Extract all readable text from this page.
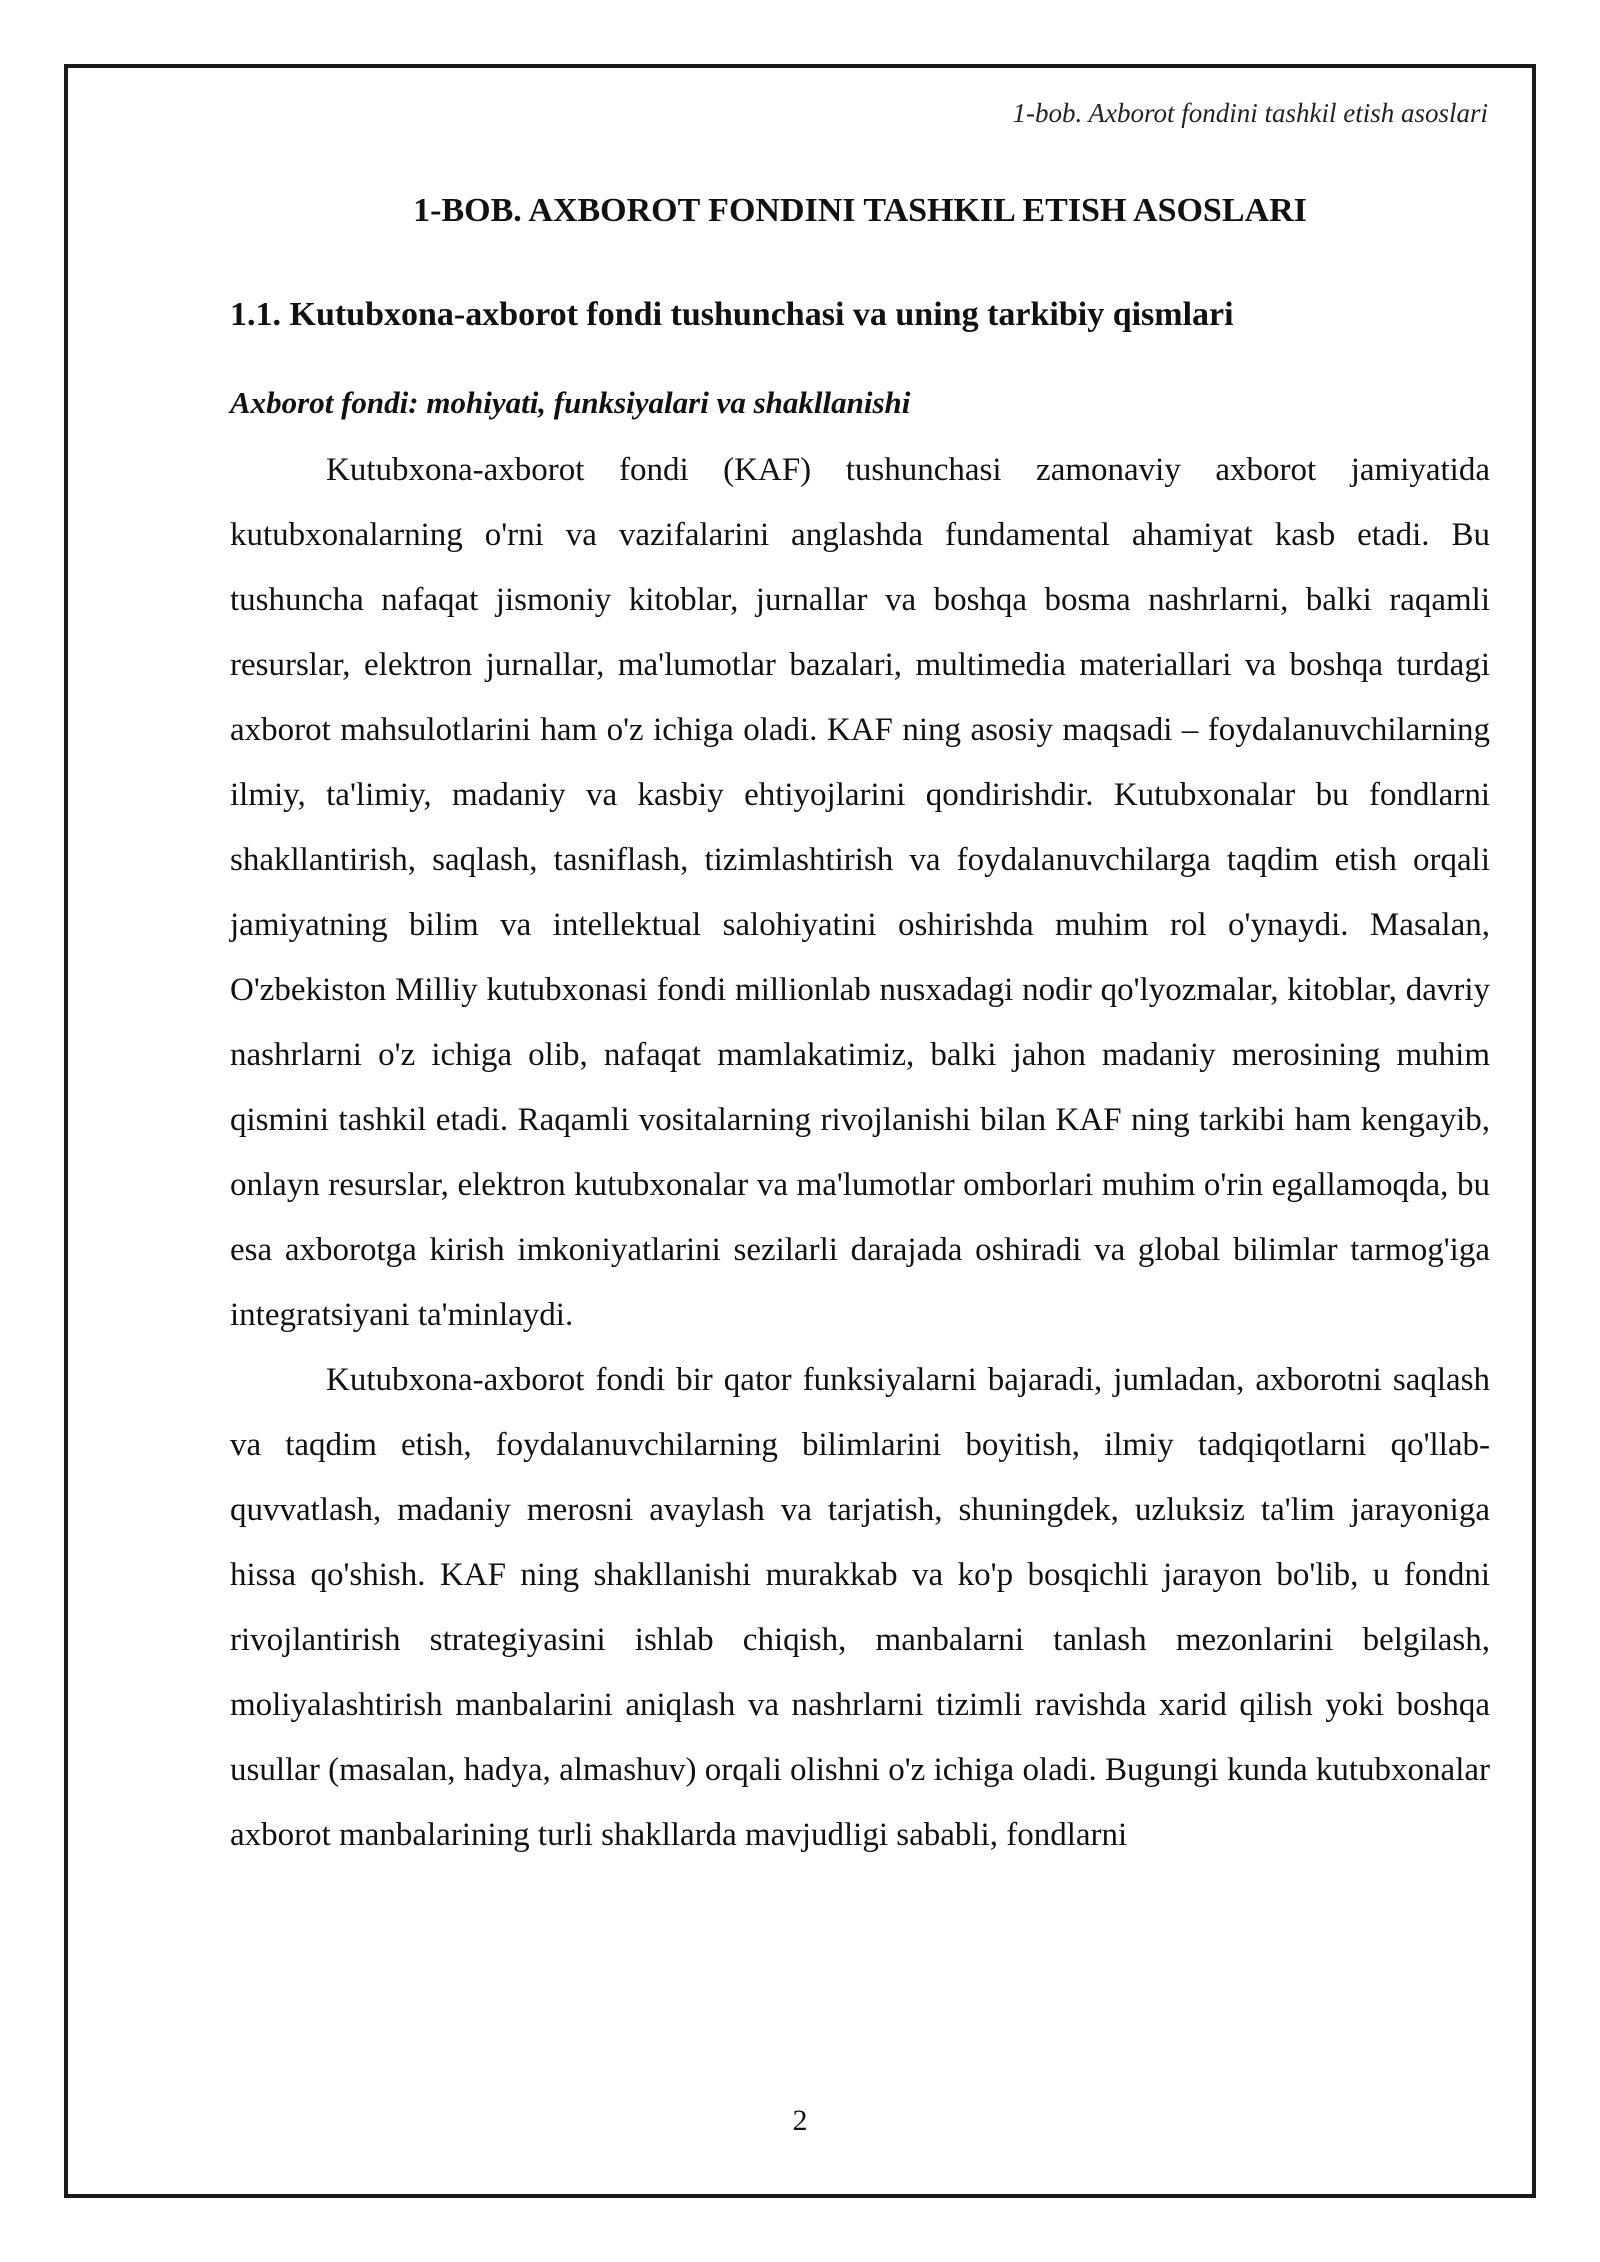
1-bob. Axborot fondini tashkil etish asoslari
1-BOB. AXBOROT FONDINI TASHKIL ETISH ASOSLARI
1.1. Kutubxona-axborot fondi tushunchasi va uning tarkibiy qismlari
Axborot fondi: mohiyati, funksiyalari va shakllanishi

Kutubxona-axborot fondi (KAF) tushunchasi zamonaviy axborot jamiyatida kutubxonalarning o'rni va vazifalarini anglashda fundamental ahamiyat kasb etadi. Bu tushuncha nafaqat jismoniy kitoblar, jurnallar va boshqa bosma nashrlarni, balki raqamli resurslar, elektron jurnallar, ma'lumotlar bazalari, multimedia materiallari va boshqa turdagi axborot mahsulotlarini ham o'z ichiga oladi. KAF ning asosiy maqsadi – foydalanuvchilarning ilmiy, ta'limiy, madaniy va kasbiy ehtiyojlarini qondirishdir. Kutubxonalar bu fondlarni shakllantirish, saqlash, tasniflash, tizimlashtirish va foydalanuvchilarga taqdim etish orqali jamiyatning bilim va intellektual salohiyatini oshirishda muhim rol o'ynaydi. Masalan, O'zbekiston Milliy kutubxonasi fondi millionlab nusxadagi nodir qo'lyozmalar, kitoblar, davriy nashrlarni o'z ichiga olib, nafaqat mamlakatimiz, balki jahon madaniy merosining muhim qismini tashkil etadi. Raqamli vositalarning rivojlanishi bilan KAF ning tarkibi ham kengayib, onlayn resurslar, elektron kutubxonalar va ma'lumotlar omborlari muhim o'rin egallamoqda, bu esa axborotga kirish imkoniyatlarini sezilarli darajada oshiradi va global bilimlar tarmog'iga integratsiyani ta'minlaydi.

Kutubxona-axborot fondi bir qator funksiyalarni bajaradi, jumladan, axborotni saqlash va taqdim etish, foydalanuvchilarning bilimlarini boyitish, ilmiy tadqiqotlarni qo'llab-quvvatlash, madaniy merosni avaylash va tarjatish, shuningdek, uzluksiz ta'lim jarayoniga hissa qo'shish. KAF ning shakllanishi murakkab va ko'p bosqichli jarayon bo'lib, u fondni rivojlantirish strategiyasini ishlab chiqish, manbalarni tanlash mezonlarini belgilash, moliyalashtirish manbalarini aniqlash va nashrlarni tizimli ravishda xarid qilish yoki boshqa usullar (masalan, hadya, almashuv) orqali olishni o'z ichiga oladi. Bugungi kunda kutubxonalar axborot manbalarining turli shakllarda mavjudligi sababli, fondlarni

2
